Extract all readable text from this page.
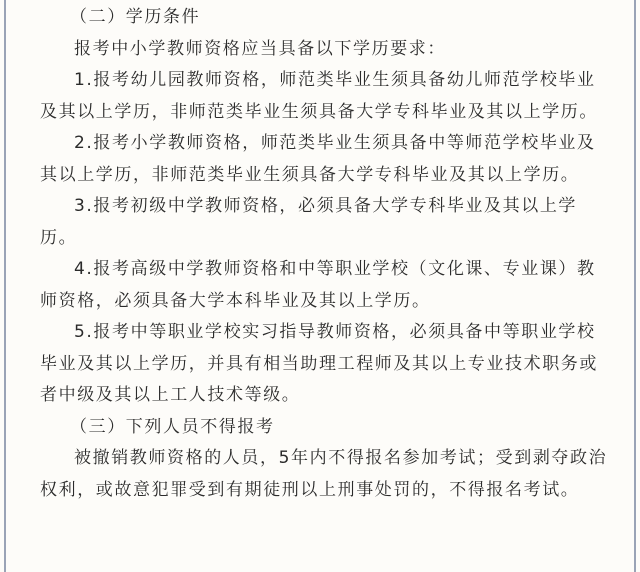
（二）学历条件

报考中小学教师资格应当具备以下学历要求：

1.报考幼儿园教师资格，师范类毕业生须具备幼儿师范学校毕业及其以上学历，非师范类毕业生须具备大学专科毕业及其以上学历。

2.报考小学教师资格，师范类毕业生须具备中等师范学校毕业及其以上学历，非师范类毕业生须具备大学专科毕业及其以上学历。

3.报考初级中学教师资格，必须具备大学专科毕业及其以上学历。

4.报考高级中学教师资格和中等职业学校（文化课、专业课）教师资格，必须具备大学本科毕业及其以上学历。

5.报考中等职业学校实习指导教师资格，必须具备中等职业学校毕业及其以上学历，并具有相当助理工程师及其以上专业技术职务或者中级及其以上工人技术等级。

（三）下列人员不得报考

被撤销教师资格的人员，5年内不得报名参加考试；受到剥夺政治权利，或故意犯罪受到有期徒刑以上刑事处罚的，不得报名考试。
